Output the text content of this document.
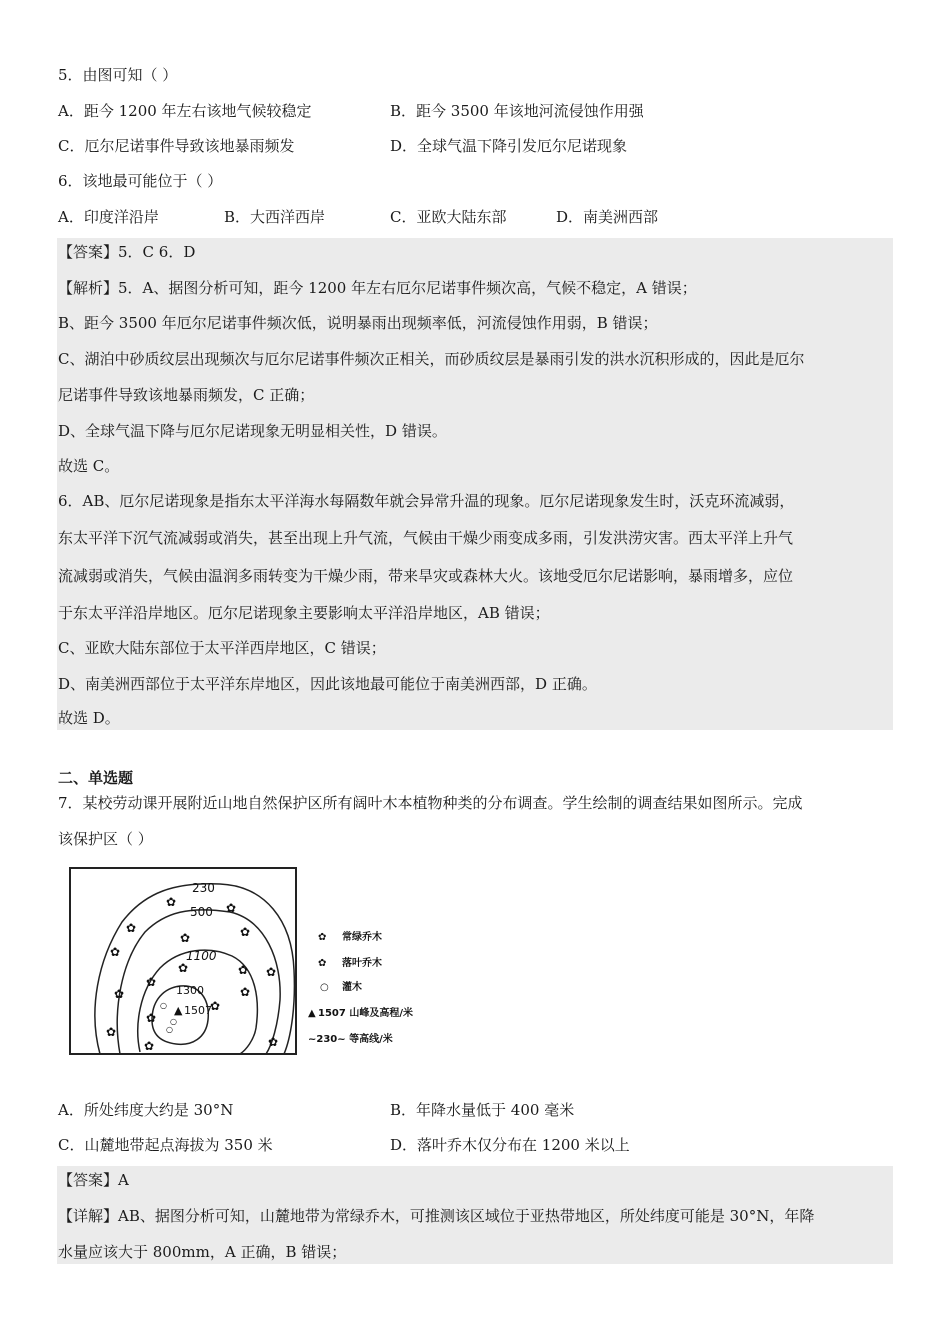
5．由图可知（ ）
A．距今 1200 年左右该地气候较稳定	B．距今 3500 年该地河流侵蚀作用强
C．厄尔尼诺事件导致该地暴雨频发	D．全球气温下降引发厄尔尼诺现象
6．该地最可能位于（ ）
A．印度洋沿岸	B．大西洋西岸	C．亚欧大陆东部	D．南美洲西部
【答案】5．C 6．D
【解析】5．A、据图分析可知，距今 1200 年左右厄尔尼诺事件频次高，气候不稳定，A 错误；
B、距今 3500 年厄尔尼诺事件频次低，说明暴雨出现频率低，河流侵蚀作用弱，B 错误；
C、湖泊中砂质纹层出现频次与厄尔尼诺事件频次正相关，而砂质纹层是暴雨引发的洪水沉积形成的，因此是厄尔
尼诺事件导致该地暴雨频发，C 正确；
D、全球气温下降与厄尔尼诺现象无明显相关性，D 错误。
故选 C。
6．AB、厄尔尼诺现象是指东太平洋海水每隔数年就会异常升温的现象。厄尔尼诺现象发生时，沃克环流减弱，
东太平洋下沉气流减弱或消失，甚至出现上升气流，气候由干燥少雨变成多雨，引发洪涝灾害。西太平洋上升气
流减弱或消失，气候由温润多雨转变为干燥少雨，带来旱灾或森林大火。该地受厄尔尼诺影响，暴雨增多，应位
于东太平洋沿岸地区。厄尔尼诺现象主要影响太平洋沿岸地区，AB 错误；
C、亚欧大陆东部位于太平洋西岸地区，C 错误；
D、南美洲西部位于太平洋东岸地区，因此该地最可能位于南美洲西部，D 正确。
故选 D。
二、单选题
7．某校劳动课开展附近山地自然保护区所有阔叶木本植物种类的分布调查。学生绘制的调查结果如图所示。完成
该保护区（ ）
230
500
1100
1300
▲ 1507
✿	✿
✿
✿	✿
✿
✿	✿ ✿
✿
✿
✿
✿
✿
✿
✿	✿
○
○
○
✿ 常绿乔木
✿ 落叶乔木
○ 灌木
▲ 1507 山峰及高程/米
~230~ 等高线/米
A．所处纬度大约是 30°N	B．年降水量低于 400 毫米
C．山麓地带起点海拔为 350 米	D．落叶乔木仅分布在 1200 米以上
【答案】A
【详解】AB、据图分析可知，山麓地带为常绿乔木，可推测该区域位于亚热带地区，所处纬度可能是 30°N，年降
水量应该大于 800mm，A 正确，B 错误；
